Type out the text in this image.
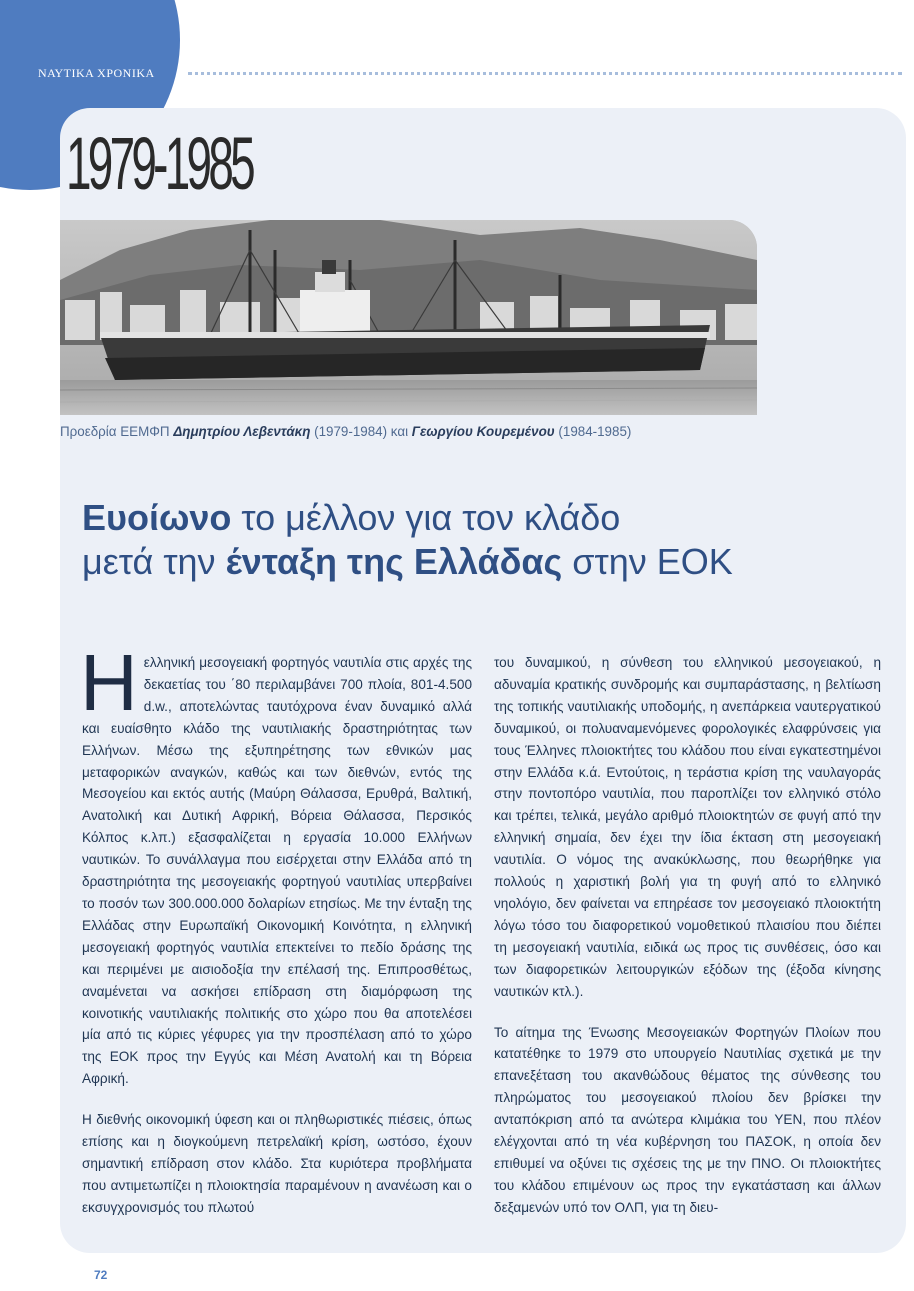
ΝΑΥΤΙΚΑ ΧΡΟΝΙΚΑ
1979-1985
Προεδρία ΕΕΜΦΠ Δημητρίου Λεβεντάκη (1979-1984) και Γεωργίου Κουρεμένου (1984-1985)
Ευοίωνο το μέλλον για τον κλάδο
μετά την ένταξη της Ελλάδας στην ΕΟΚ

Ηελληνική μεσογειακή φορτηγός ναυτιλία στις αρχές της δεκαετίας του ΄80 περιλαμβάνει 700 πλοία, 801-4.500 d.w., αποτελώντας ταυτόχρονα έναν δυναμικό αλλά και ευαίσθητο κλάδο της ναυτιλιακής δραστηριότητας των Ελλήνων. Μέσω της εξυπηρέτησης των εθνικών μας μεταφορικών αναγκών, καθώς και των διεθνών, εντός της Μεσογείου και εκτός αυτής (Μαύρη Θάλασσα, Ερυθρά, Βαλτική, Ανατολική και Δυτική Αφρική, Βόρεια Θάλασσα, Περσικός Κόλπος κ.λπ.) εξασφαλίζεται η εργασία 10.000 Ελλήνων ναυτικών. Το συνάλλαγμα που εισέρχεται στην Ελλάδα από τη δραστηριότητα της μεσογειακής φορτηγού ναυτιλίας υπερβαίνει το ποσόν των 300.000.000 δολαρίων ετησίως. Με την ένταξη της Ελλάδας στην Ευρωπαϊκή Οικονομική Κοινότητα, η ελληνική μεσογειακή φορτηγός ναυτιλία επεκτείνει το πεδίο δράσης της και περιμένει με αισιοδοξία την επέλασή της. Επιπροσθέτως, αναμένεται να ασκήσει επίδραση στη διαμόρφωση της κοινοτικής ναυτιλιακής πολιτικής στο χώρο που θα αποτελέσει μία από τις κύριες γέφυρες για την προσπέλαση από το χώρο της ΕΟΚ προς την Εγγύς και Μέση Ανατολή και τη Βόρεια Αφρική.

Η διεθνής οικονομική ύφεση και οι πληθωριστικές πιέσεις, όπως επίσης και η διογκούμενη πετρελαϊκή κρίση, ωστόσο, έχουν σημαντική επίδραση στον κλάδο. Στα κυριότερα προβλήματα που αντιμετωπίζει η πλοιοκτησία παραμένουν η ανανέωση και ο εκσυγχρονισμός του πλωτού

του δυναμικού, η σύνθεση του ελληνικού μεσογειακού, η αδυναμία κρατικής συνδρομής και συμπαράστασης, η βελτίωση της τοπικής ναυτιλιακής υποδομής, η ανεπάρκεια ναυτεργατικού δυναμικού, οι πολυαναμενόμενες φορολογικές ελαφρύνσεις για τους Έλληνες πλοιοκτήτες του κλάδου που είναι εγκατεστημένοι στην Ελλάδα κ.ά. Εντούτοις, η τεράστια κρίση της ναυλαγοράς στην ποντοπόρο ναυτιλία, που παροπλίζει τον ελληνικό στόλο και τρέπει, τελικά, μεγάλο αριθμό πλοιοκτητών σε φυγή από την ελληνική σημαία, δεν έχει την ίδια έκταση στη μεσογειακή ναυτιλία. Ο νόμος της ανακύκλωσης, που θεωρήθηκε για πολλούς η χαριστική βολή για τη φυγή από το ελληνικό νηολόγιο, δεν φαίνεται να επηρέασε τον μεσογειακό πλοιοκτήτη λόγω τόσο του διαφορετικού νομοθετικού πλαισίου που διέπει τη μεσογειακή ναυτιλία, ειδικά ως προς τις συνθέσεις, όσο και των διαφορετικών λειτουργικών εξόδων της (έξοδα κίνησης ναυτικών κτλ.).

Το αίτημα της Ένωσης Μεσογειακών Φορτηγών Πλοίων που κατατέθηκε το 1979 στο υπουργείο Ναυτιλίας σχετικά με την επανεξέταση του ακανθώδους θέματος της σύνθεσης του πληρώματος του μεσογειακού πλοίου δεν βρίσκει την ανταπόκριση από τα ανώτερα κλιμάκια του ΥΕΝ, που πλέον ελέγχονται από τη νέα κυβέρνηση του ΠΑΣΟΚ, η οποία δεν επιθυμεί να οξύνει τις σχέσεις της με την ΠΝΟ. Οι πλοιοκτήτες του κλάδου επιμένουν ως προς την εγκατάσταση και άλλων δεξαμενών υπό τον ΟΛΠ, για τη διευ-

72
